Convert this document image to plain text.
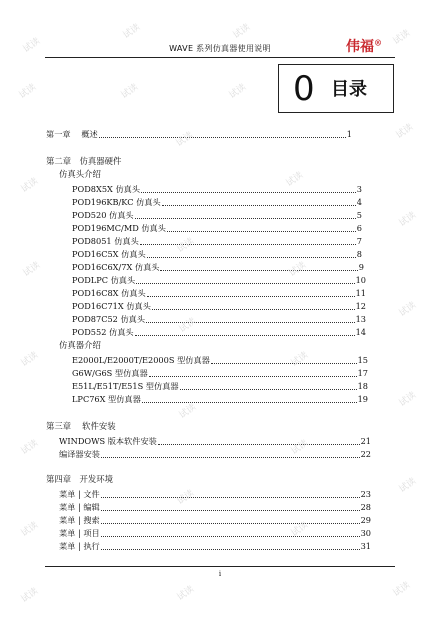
WAVE 系列仿真器使用说明	伟福®
0 目录
第一章　 概述	1
第二章　仿真器硬件
仿真头介绍
POD8X5X 仿真头	3
POD196KB/KC 仿真头	4
POD520 仿真头	5
POD196MC/MD 仿真头	6
POD8051 仿真头	7
POD16C5X 仿真头	8
POD16C6X/7X 仿真头	9
PODLPC 仿真头	10
POD16C8X 仿真头	11
POD16C71X 仿真头	12
POD87C52 仿真头	13
POD552 仿真头	14
仿真器介绍
E2000L/E2000T/E2000S 型仿真器	15
G6W/G6S 型仿真器	17
E51L/E51T/E51S 型仿真器	18
LPC76X 型仿真器	19
第三章　 软件安装
WINDOWS 版本软件安装	21
编译器安装	22
第四章　开发环境
菜单 | 文件	23
菜单 | 编辑	28
菜单 | 搜索	29
菜单 | 项目	30
菜单 | 执行	31
i
试读
试读	试读	试读
试读	试读	试读
试读
试读
试读
试读
试读
试读
试读
试读
试读
试读
试读
试读
试读
试读
试读
试读
试读
试读
试读
试读
试读	试读	试读
